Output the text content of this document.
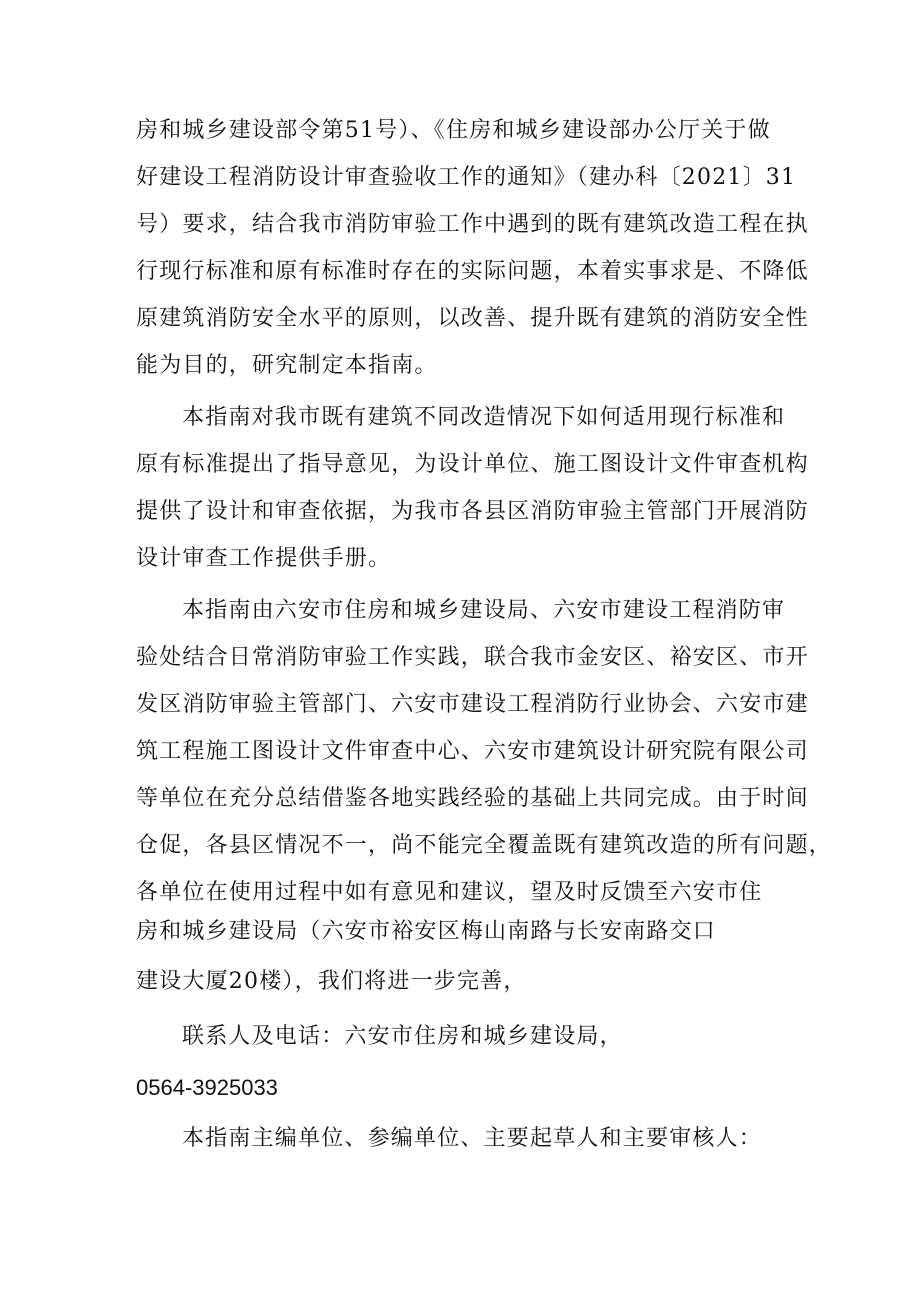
房和城乡建设部令第51号）、《住房和城乡建设部办公厅关于做
好建设工程消防设计审查验收工作的通知》（建办科〔2021〕31
号）要求，结合我市消防审验工作中遇到的既有建筑改造工程在执
行现行标准和原有标准时存在的实际问题，本着实事求是、不降低
原建筑消防安全水平的原则，以改善、提升既有建筑的消防安全性
能为目的，研究制定本指南。
本指南对我市既有建筑不同改造情况下如何适用现行标准和
原有标准提出了指导意见，为设计单位、施工图设计文件审查机构
提供了设计和审查依据，为我市各县区消防审验主管部门开展消防
设计审查工作提供手册。
本指南由六安市住房和城乡建设局、六安市建设工程消防审
验处结合日常消防审验工作实践，联合我市金安区、裕安区、市开
发区消防审验主管部门、六安市建设工程消防行业协会、六安市建
筑工程施工图设计文件审查中心、六安市建筑设计研究院有限公司
等单位在充分总结借鉴各地实践经验的基础上共同完成。由于时间
仓促，各县区情况不一，尚不能完全覆盖既有建筑改造的所有问题，
各单位在使用过程中如有意见和建议，望及时反馈至六安市住
房和城乡建设局（六安市裕安区梅山南路与长安南路交口
建设大厦20楼），我们将进一步完善，
联系人及电话：六安市住房和城乡建设局，
0564-3925033
本指南主编单位、参编单位、主要起草人和主要审核人：
